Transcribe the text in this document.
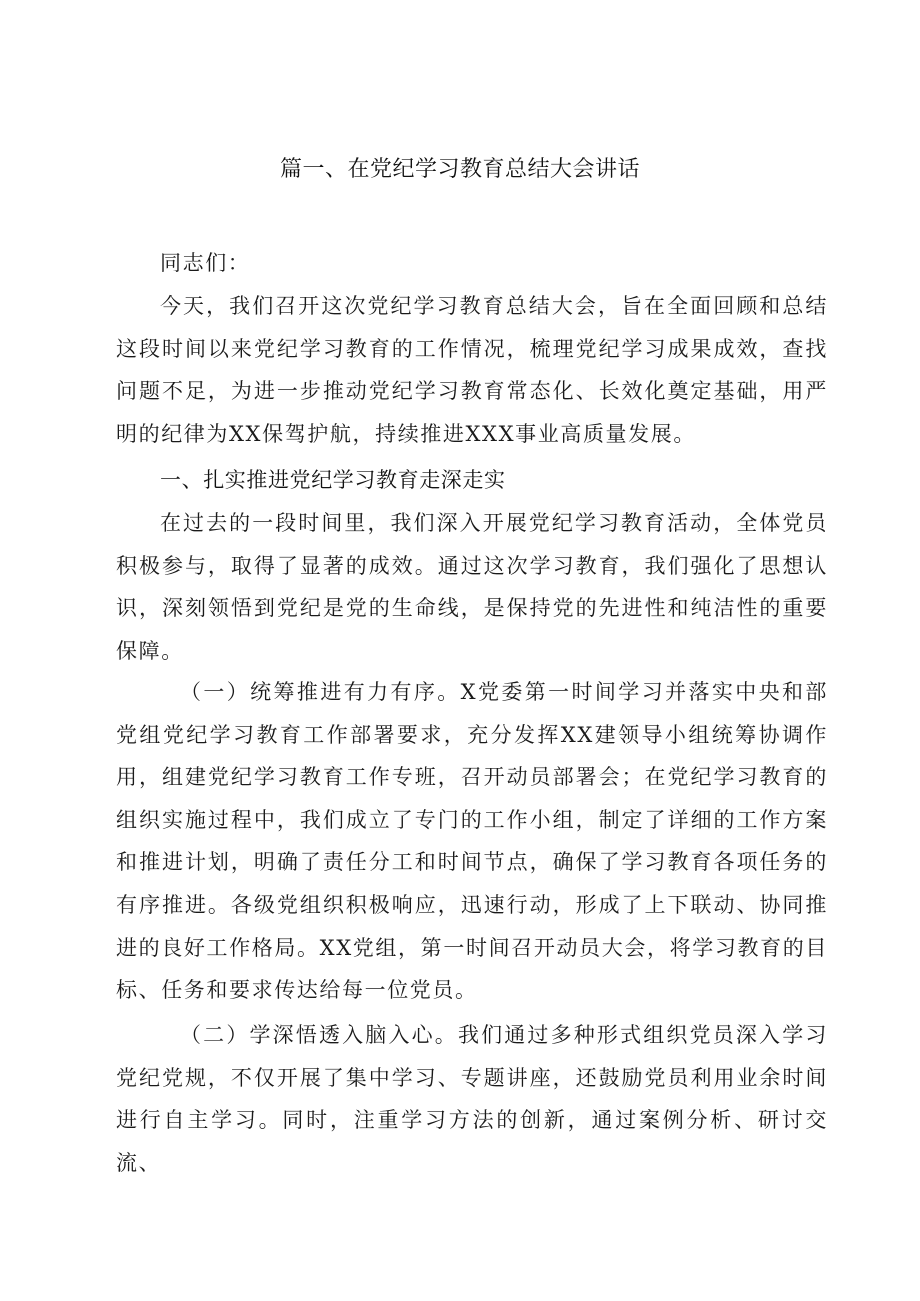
篇一、在党纪学习教育总结大会讲话

同志们：

今天，我们召开这次党纪学习教育总结大会，旨在全面回顾和总结这段时间以来党纪学习教育的工作情况，梳理党纪学习成果成效，查找问题不足，为进一步推动党纪学习教育常态化、长效化奠定基础，用严明的纪律为XX保驾护航，持续推进XXX事业高质量发展。

一、扎实推进党纪学习教育走深走实

在过去的一段时间里，我们深入开展党纪学习教育活动，全体党员积极参与，取得了显著的成效。通过这次学习教育，我们强化了思想认识，深刻领悟到党纪是党的生命线，是保持党的先进性和纯洁性的重要保障。

（一）统筹推进有力有序。X党委第一时间学习并落实中央和部党组党纪学习教育工作部署要求，充分发挥XX建领导小组统筹协调作用，组建党纪学习教育工作专班，召开动员部署会；在党纪学习教育的组织实施过程中，我们成立了专门的工作小组，制定了详细的工作方案和推进计划，明确了责任分工和时间节点，确保了学习教育各项任务的有序推进。各级党组织积极响应，迅速行动，形成了上下联动、协同推进的良好工作格局。XX党组，第一时间召开动员大会，将学习教育的目标、任务和要求传达给每一位党员。

（二）学深悟透入脑入心。我们通过多种形式组织党员深入学习党纪党规，不仅开展了集中学习、专题讲座，还鼓励党员利用业余时间进行自主学习。同时，注重学习方法的创新，通过案例分析、研讨交流、
